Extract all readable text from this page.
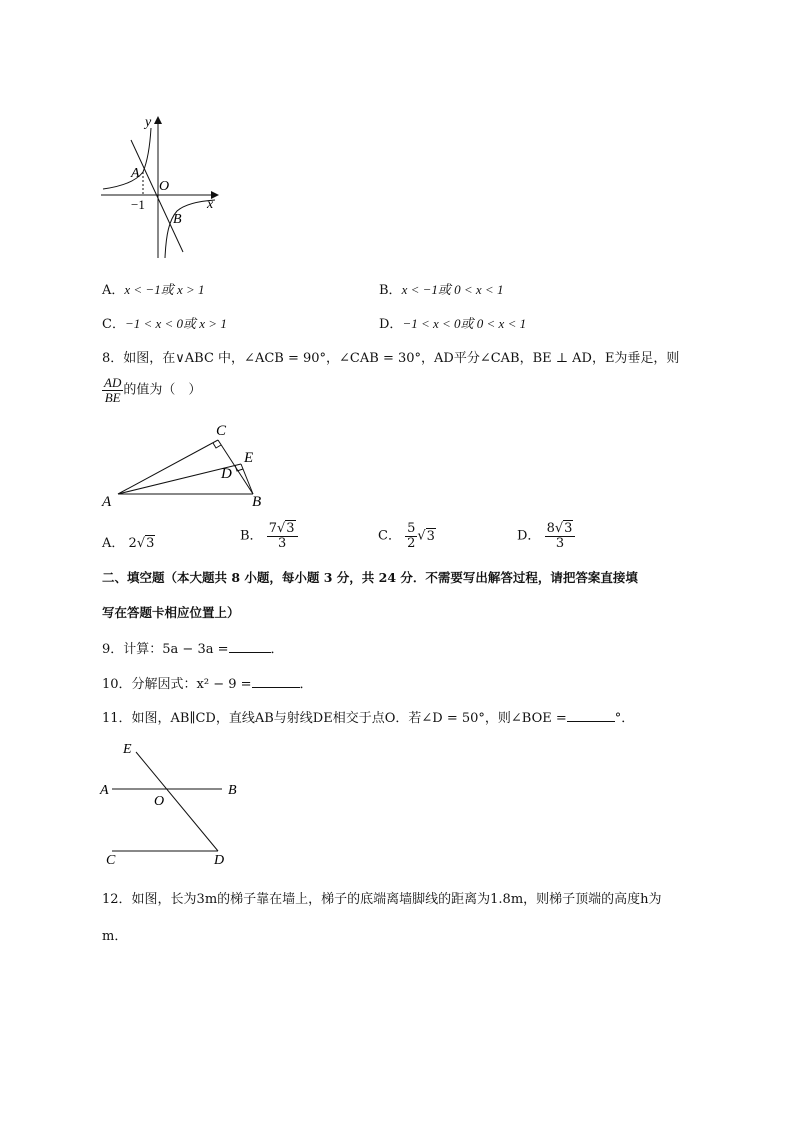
y
x
A
O
−1
B
A．x < −1或 x > 1	B．x < −1或 0 < x < 1
C．−1 < x < 0或 x > 1	D．−1 < x < 0或 0 < x < 1
8．如图，在∨ABC 中，∠ACB = 90°，∠CAB = 30°，AD平分∠CAB，BE ⊥ AD，E为垂足，则
$\frac{AD}{BE}$ 的值为（　）
C
E
D
A	B
A． 2√3	B． $\frac{7√3}{3}$	C． $\frac{5}{2} √3$	D． $\frac{8√3}{3}$
二、填空题（本大题共 8 小题，每小题 3 分，共 24 分．不需要写出解答过程，请把答案直接填
写在答题卡相应位置上）
9．计算：5a − 3a =	．
10．分解因式：x² − 9 =	．
11．如图，AB∥CD，直线AB与射线DE相交于点O．若∠D = 50°，则∠BOE =	°．
E
A
O
B
C	D
12．如图，长为3m的梯子靠在墙上，梯子的底端离墙脚线的距离为1.8m，则梯子顶端的高度h为
m．
